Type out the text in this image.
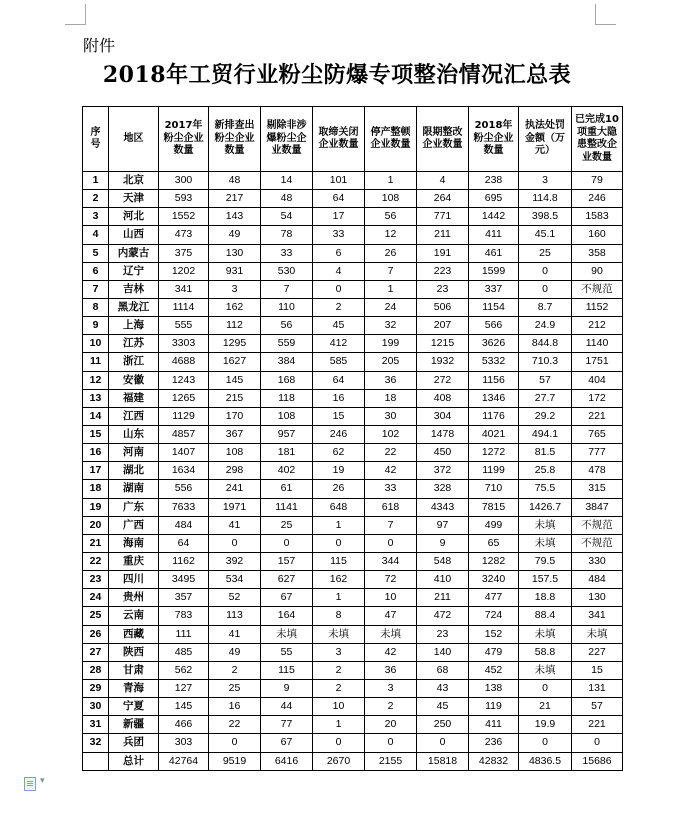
附件
2018年工贸行业粉尘防爆专项整治情况汇总表
序号	地区	2017年粉尘企业数量	新排查出粉尘企业数量	剔除非涉爆粉尘企业数量	取缔关闭企业数量	停产整顿企业数量	限期整改企业数量	2018年粉尘企业数量	执法处罚金额（万元）	已完成10项重大隐患整改企业数量
1	北京	300	48	14	101	1	4	238	3	79
2	天津	593	217	48	64	108	264	695	114.8	246
3	河北	1552	143	54	17	56	771	1442	398.5	1583
4	山西	473	49	78	33	12	211	411	45.1	160
5	内蒙古	375	130	33	6	26	191	461	25	358
6	辽宁	1202	931	530	4	7	223	1599	0	90
7	吉林	341	3	7	0	1	23	337	0	不规范
8	黑龙江	1114	162	110	2	24	506	1154	8.7	1152
9	上海	555	112	56	45	32	207	566	24.9	212
10	江苏	3303	1295	559	412	199	1215	3626	844.8	1140
11	浙江	4688	1627	384	585	205	1932	5332	710.3	1751
12	安徽	1243	145	168	64	36	272	1156	57	404
13	福建	1265	215	118	16	18	408	1346	27.7	172
14	江西	1129	170	108	15	30	304	1176	29.2	221
15	山东	4857	367	957	246	102	1478	4021	494.1	765
16	河南	1407	108	181	62	22	450	1272	81.5	777
17	湖北	1634	298	402	19	42	372	1199	25.8	478
18	湖南	556	241	61	26	33	328	710	75.5	315
19	广东	7633	1971	1141	648	618	4343	7815	1426.7	3847
20	广西	484	41	25	1	7	97	499	未填	不规范
21	海南	64	0	0	0	0	9	65	未填	不规范
22	重庆	1162	392	157	115	344	548	1282	79.5	330
23	四川	3495	534	627	162	72	410	3240	157.5	484
24	贵州	357	52	67	1	10	211	477	18.8	130
25	云南	783	113	164	8	47	472	724	88.4	341
26	西藏	111	41	未填	未填	未填	23	152	未填	未填
27	陕西	485	49	55	3	42	140	479	58.8	227
28	甘肃	562	2	115	2	36	68	452	未填	15
29	青海	127	25	9	2	3	43	138	0	131
30	宁夏	145	16	44	10	2	45	119	21	57
31	新疆	466	22	77	1	20	250	411	19.9	221
32	兵团	303	0	67	0	0	0	236	0	0
	总计	42764	9519	6416	2670	2155	15818	42832	4836.5	15686
▾
